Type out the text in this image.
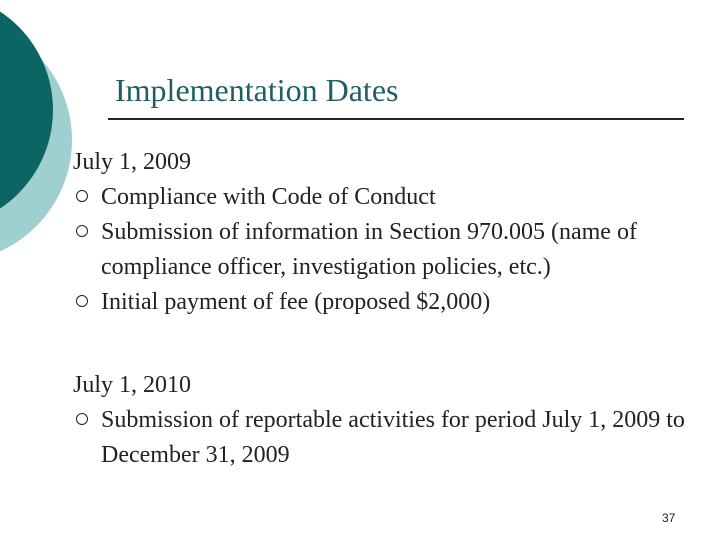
Implementation Dates
July 1, 2009
Compliance with Code of Conduct
Submission of information in Section 970.005 (name of compliance officer, investigation policies, etc.)
Initial payment of fee (proposed $2,000)
July 1, 2010
Submission of reportable activities for period July 1, 2009 to December 31, 2009
37
